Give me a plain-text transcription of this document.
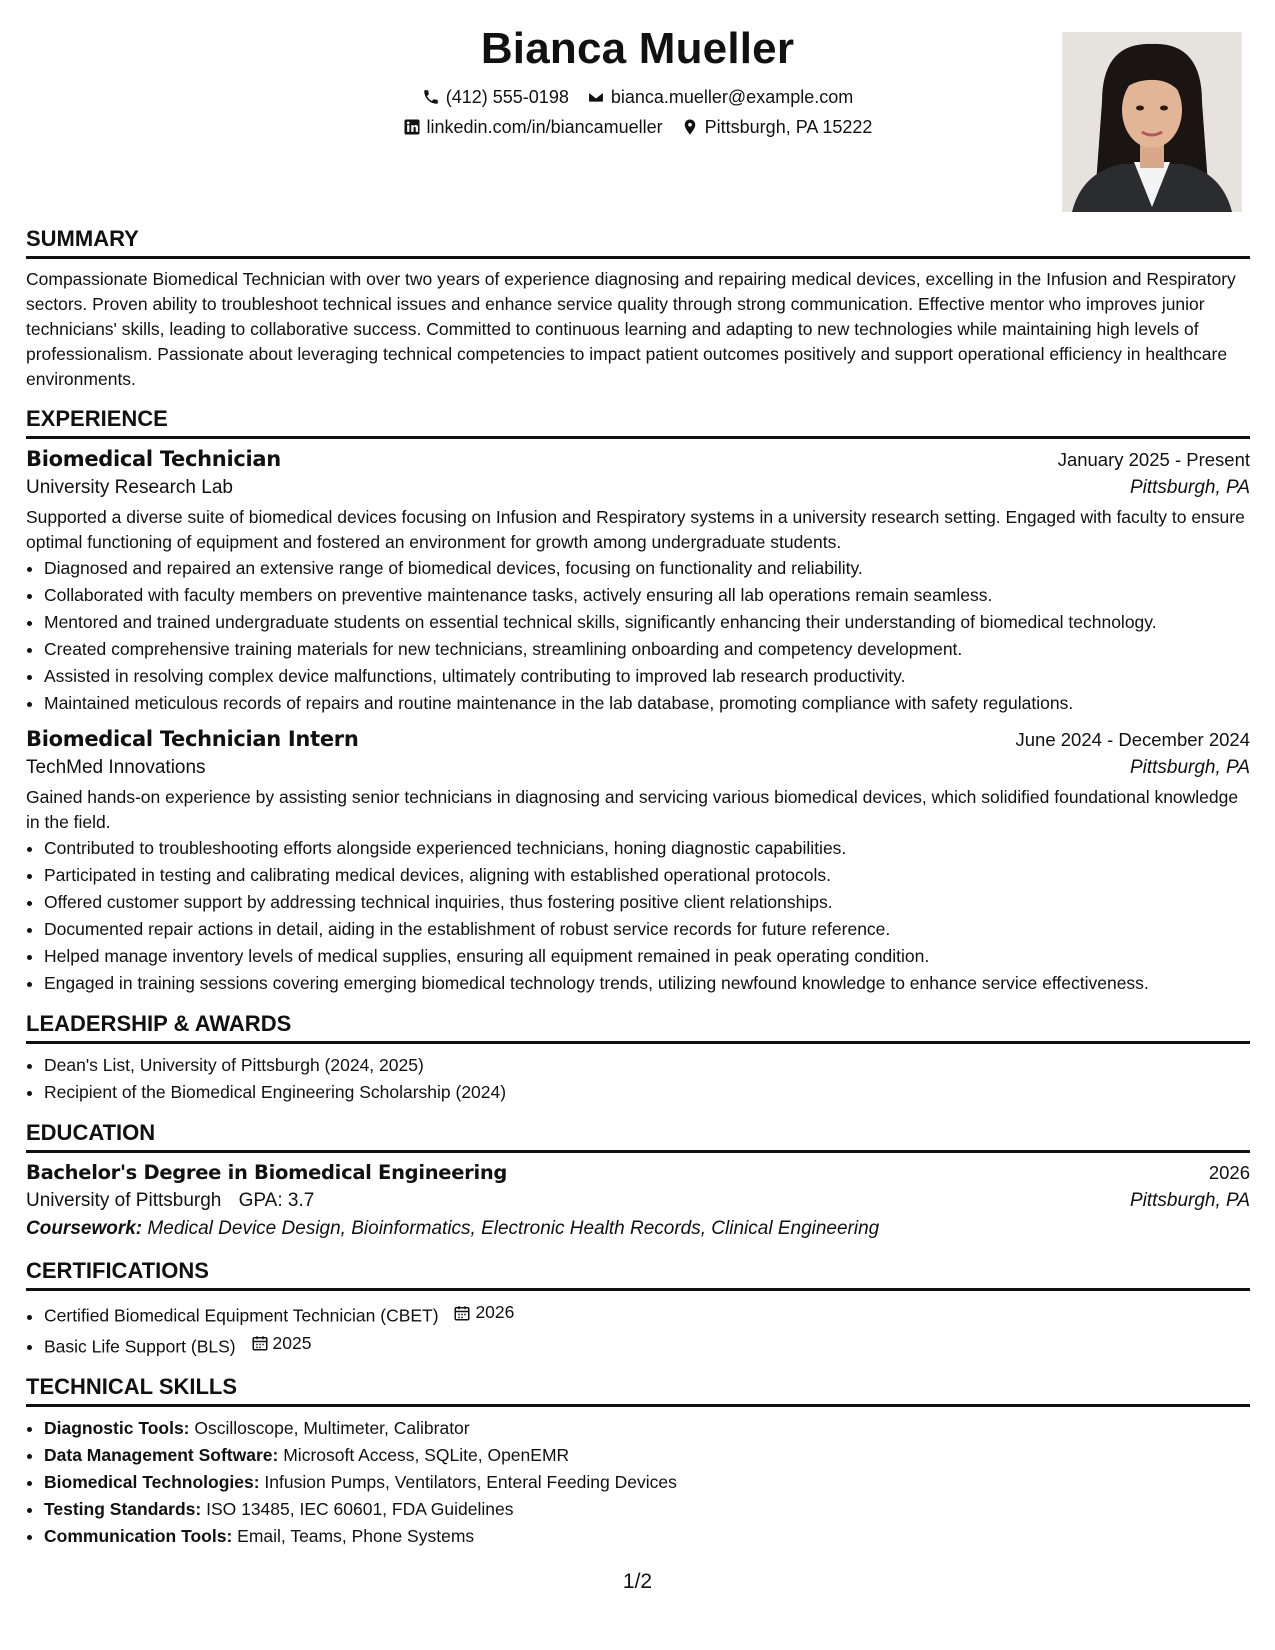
Bianca Mueller
(412) 555-0198 bianca.mueller@example.com
linkedin.com/in/biancamueller Pittsburgh, PA 15222
SUMMARY

Compassionate Biomedical Technician with over two years of experience diagnosing and repairing medical devices, excelling in the Infusion and Respiratory sectors. Proven ability to troubleshoot technical issues and enhance service quality through strong communication. Effective mentor who improves junior technicians' skills, leading to collaborative success. Committed to continuous learning and adapting to new technologies while maintaining high levels of professionalism. Passionate about leveraging technical competencies to impact patient outcomes positively and support operational efficiency in healthcare environments.

EXPERIENCE
Biomedical Technician	January 2025 - Present
University Research Lab	Pittsburgh, PA

Supported a diverse suite of biomedical devices focusing on Infusion and Respiratory systems in a university research setting. Engaged with faculty to ensure optimal functioning of equipment and fostered an environment for growth among undergraduate students.

• Diagnosed and repaired an extensive range of biomedical devices, focusing on functionality and reliability.
• Collaborated with faculty members on preventive maintenance tasks, actively ensuring all lab operations remain seamless.
• Mentored and trained undergraduate students on essential technical skills, significantly enhancing their understanding of biomedical technology.
• Created comprehensive training materials for new technicians, streamlining onboarding and competency development.
• Assisted in resolving complex device malfunctions, ultimately contributing to improved lab research productivity.
• Maintained meticulous records of repairs and routine maintenance in the lab database, promoting compliance with safety regulations.
Biomedical Technician Intern	June 2024 - December 2024
TechMed Innovations	Pittsburgh, PA

Gained hands-on experience by assisting senior technicians in diagnosing and servicing various biomedical devices, which solidified foundational knowledge in the field.

• Contributed to troubleshooting efforts alongside experienced technicians, honing diagnostic capabilities.
• Participated in testing and calibrating medical devices, aligning with established operational protocols.
• Offered customer support by addressing technical inquiries, thus fostering positive client relationships.
• Documented repair actions in detail, aiding in the establishment of robust service records for future reference.
• Helped manage inventory levels of medical supplies, ensuring all equipment remained in peak operating condition.
• Engaged in training sessions covering emerging biomedical technology trends, utilizing newfound knowledge to enhance service effectiveness.
LEADERSHIP & AWARDS
• Dean's List, University of Pittsburgh (2024, 2025)
• Recipient of the Biomedical Engineering Scholarship (2024)
EDUCATION
Bachelor's Degree in Biomedical Engineering	2026
University of Pittsburgh GPA: 3.7	Pittsburgh, PA
Coursework: Medical Device Design, Bioinformatics, Electronic Health Records, Clinical Engineering
CERTIFICATIONS
• Certified Biomedical Equipment Technician (CBET) 2026
• Basic Life Support (BLS) 2025
TECHNICAL SKILLS
• Diagnostic Tools: Oscilloscope, Multimeter, Calibrator
• Data Management Software: Microsoft Access, SQLite, OpenEMR
• Biomedical Technologies: Infusion Pumps, Ventilators, Enteral Feeding Devices
• Testing Standards: ISO 13485, IEC 60601, FDA Guidelines
• Communication Tools: Email, Teams, Phone Systems
1/2
